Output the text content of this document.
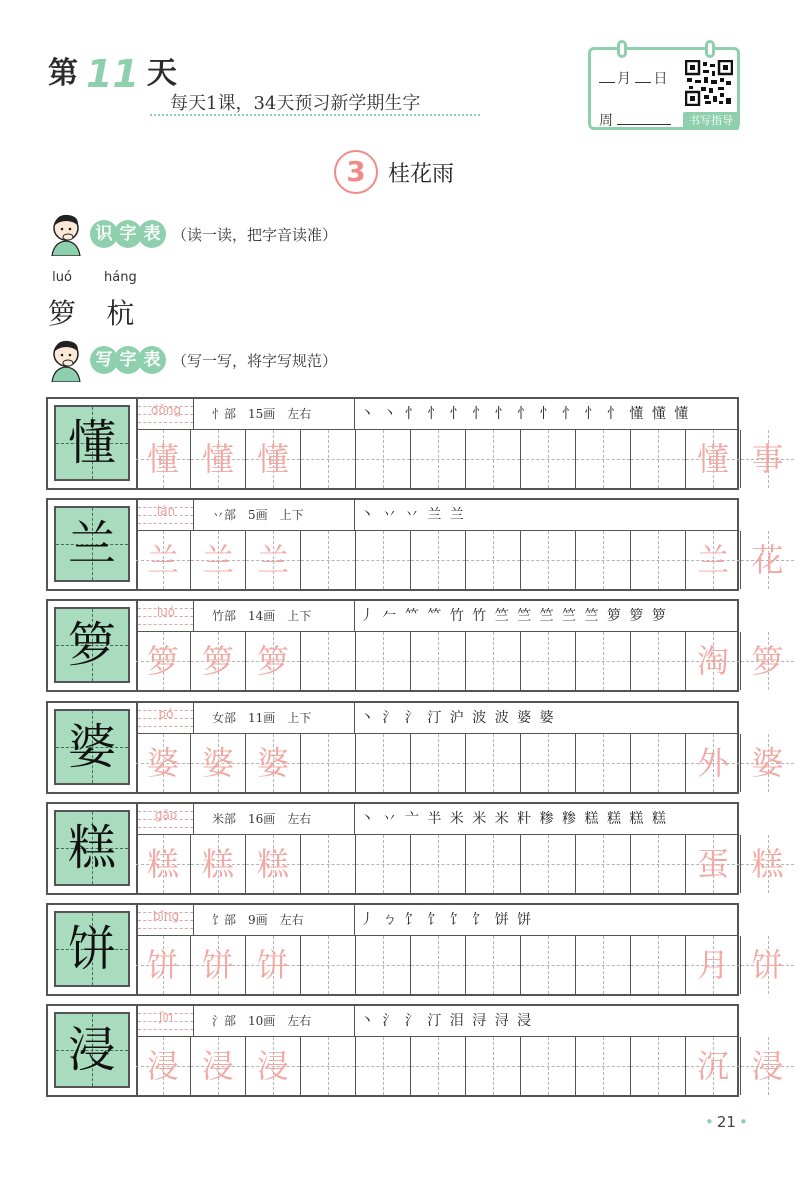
第 11 天
每天1课，34天预习新学期生字
月 日
周	书写指导
3	桂花雨
识 字 表 （读一读，把字音读准）
luó
箩
háng
杭
写 字 表 （写一写，将字写规范）
懂
dǒng	忄部 15画 左右	丶 丶 忄 忄 忄 忄 忄 忄 忄 忄 忄 忄 懂 懂 懂
懂 懂 懂	懂 事
兰
lán	丷部 5画 上下	丶 丷 丷 兰 兰
兰 兰 兰	兰 花
箩
luó	竹部 14画 上下	丿 𠂉 𥫗 𥫗 竹 竹 竺 竺 竺 竺 竺 箩 箩 箩
箩 箩 箩	淘 箩
婆
pó	女部 11画 上下	丶 氵 氵 汀 沪 波 波 婆 婆
婆 婆 婆	外 婆
糕
gāo	米部 16画 左右	丶 丷 亠 半 米 米 米 籵 糁 糁 糕 糕 糕 糕
糕 糕 糕	蛋 糕
饼
bǐng	饣部 9画 左右	丿 ㄅ 饣 饣 饣 饣 饼 饼
饼 饼 饼	月 饼
浸
jìn	氵部 10画 左右	丶 氵 氵 汀 泪 浔 浔 浸
浸 浸 浸	沉 浸
• 21 •
